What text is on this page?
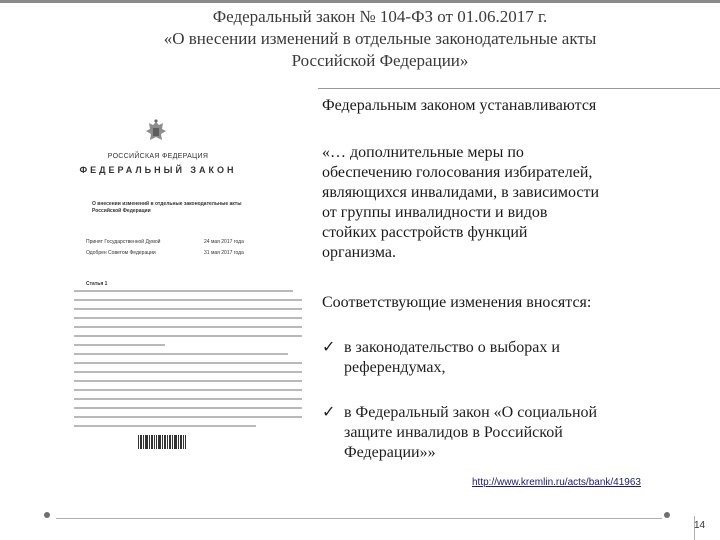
Федеральный закон № 104-ФЗ от 01.06.2017 г.
«О внесении изменений в отдельные законодательные акты
Российской Федерации»
РОССИЙСКАЯ ФЕДЕРАЦИЯ
ФЕДЕРАЛЬНЫЙ ЗАКОН
О внесении изменений в отдельные законодательные акты Российской Федерации
Принят Государственной Думой	24 мая 2017 года
Одобрен Советом Федерации	31 мая 2017 года
Статья 1
Федеральным законом устанавливаются
«… дополнительные меры по
обеспечению голосования избирателей,
являющихся инвалидами, в зависимости
от группы инвалидности и видов
стойких расстройств функций
организма.
Соответствующие изменения вносятся:
✓ в законодательство о выборах и
референдумах,
✓ в Федеральный закон «О социальной
защите инвалидов в Российской
Федерации»»
http://www.kremlin.ru/acts/bank/41963
14
